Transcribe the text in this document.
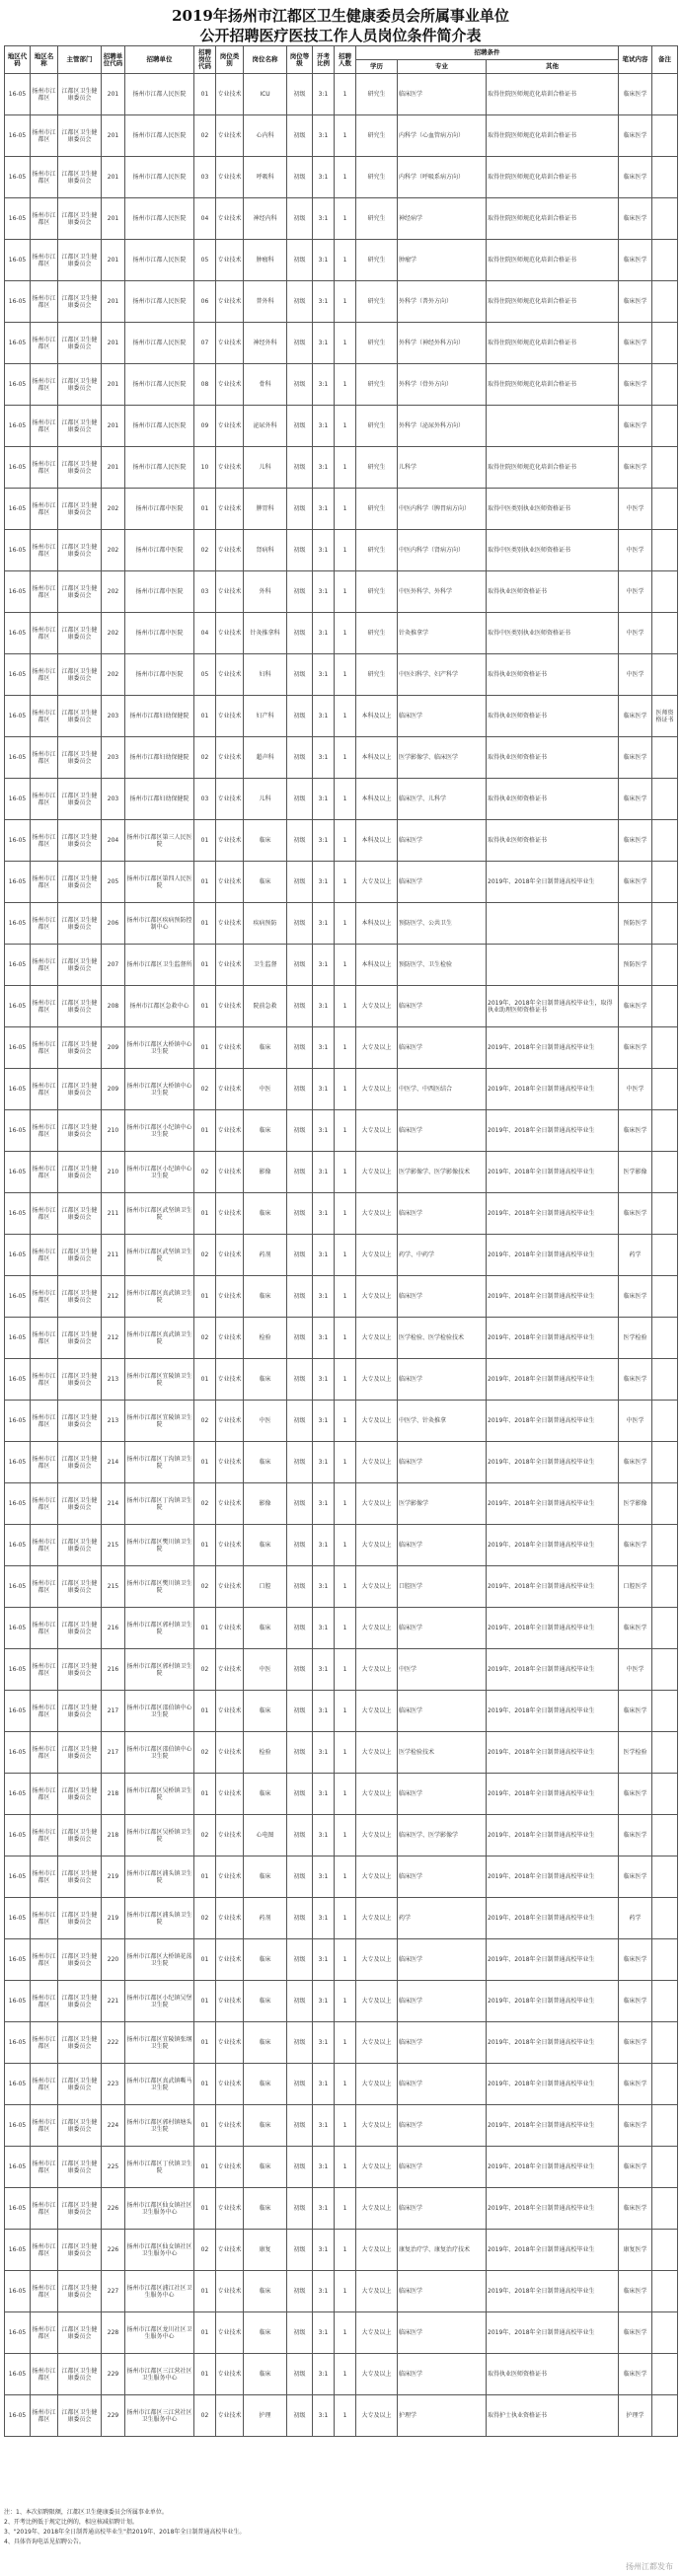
2019年扬州市江都区卫生健康委员会所属事业单位
公开招聘医疗医技工作人员岗位条件简介表
地区代码	地区名称	主管部门	招聘单位代码	招聘单位	招聘岗位代码	岗位类别	岗位名称	岗位等级	开考比例	招聘人数	招聘条件			笔试内容	备注
											学历	专业	其他		
16-05	扬州市江都区	江都区卫生健康委员会	201	扬州市江都人民医院	01	专业技术	ICU	初级	3:1	1	研究生	临床医学	取得住院医师规范化培训合格证书	临床医学	
16-05	扬州市江都区	江都区卫生健康委员会	201	扬州市江都人民医院	02	专业技术	心内科	初级	3:1	1	研究生	内科学（心血管病方向）	取得住院医师规范化培训合格证书	临床医学	
16-05	扬州市江都区	江都区卫生健康委员会	201	扬州市江都人民医院	03	专业技术	呼吸科	初级	3:1	1	研究生	内科学（呼吸系病方向）	取得住院医师规范化培训合格证书	临床医学	
16-05	扬州市江都区	江都区卫生健康委员会	201	扬州市江都人民医院	04	专业技术	神经内科	初级	3:1	1	研究生	神经病学	取得住院医师规范化培训合格证书	临床医学	
16-05	扬州市江都区	江都区卫生健康委员会	201	扬州市江都人民医院	05	专业技术	肿瘤科	初级	3:1	1	研究生	肿瘤学	取得住院医师规范化培训合格证书	临床医学	
16-05	扬州市江都区	江都区卫生健康委员会	201	扬州市江都人民医院	06	专业技术	普外科	初级	3:1	1	研究生	外科学（普外方向）	取得住院医师规范化培训合格证书	临床医学	
16-05	扬州市江都区	江都区卫生健康委员会	201	扬州市江都人民医院	07	专业技术	神经外科	初级	3:1	1	研究生	外科学（神经外科方向）	取得住院医师规范化培训合格证书	临床医学	
16-05	扬州市江都区	江都区卫生健康委员会	201	扬州市江都人民医院	08	专业技术	骨科	初级	3:1	1	研究生	外科学（骨外方向）	取得住院医师规范化培训合格证书	临床医学	
16-05	扬州市江都区	江都区卫生健康委员会	201	扬州市江都人民医院	09	专业技术	泌尿外科	初级	3:1	1	研究生	外科学（泌尿外科方向）		临床医学	
16-05	扬州市江都区	江都区卫生健康委员会	201	扬州市江都人民医院	10	专业技术	儿科	初级	3:1	1	研究生	儿科学	取得住院医师规范化培训合格证书	临床医学	
16-05	扬州市江都区	江都区卫生健康委员会	202	扬州市江都中医院	01	专业技术	脾胃科	初级	3:1	1	研究生	中医内科学（脾胃病方向）	取得中医类别执业医师资格证书	中医学	
16-05	扬州市江都区	江都区卫生健康委员会	202	扬州市江都中医院	02	专业技术	肾病科	初级	3:1	1	研究生	中医内科学（肾病方向）	取得中医类别执业医师资格证书	中医学	
16-05	扬州市江都区	江都区卫生健康委员会	202	扬州市江都中医院	03	专业技术	外科	初级	3:1	1	研究生	中医外科学、外科学	取得执业医师资格证书	中医学	
16-05	扬州市江都区	江都区卫生健康委员会	202	扬州市江都中医院	04	专业技术	针灸推拿科	初级	3:1	1	研究生	针灸推拿学	取得中医类别执业医师资格证书	中医学	
16-05	扬州市江都区	江都区卫生健康委员会	202	扬州市江都中医院	05	专业技术	妇科	初级	3:1	1	研究生	中医妇科学、妇产科学	取得执业医师资格证书	中医学	
16-05	扬州市江都区	江都区卫生健康委员会	203	扬州市江都妇幼保健院	01	专业技术	妇产科	初级	3:1	1	本科及以上	临床医学	取得执业医师资格证书	临床医学	医师资格证书
16-05	扬州市江都区	江都区卫生健康委员会	203	扬州市江都妇幼保健院	02	专业技术	超声科	初级	3:1	1	本科及以上	医学影像学、临床医学	取得执业医师资格证书	临床医学	
16-05	扬州市江都区	江都区卫生健康委员会	203	扬州市江都妇幼保健院	03	专业技术	儿科	初级	3:1	1	本科及以上	临床医学、儿科学	取得执业医师资格证书	临床医学	
16-05	扬州市江都区	江都区卫生健康委员会	204	扬州市江都区第三人民医院	01	专业技术	临床	初级	3:1	1	本科及以上	临床医学	取得执业医师资格证书	临床医学	
16-05	扬州市江都区	江都区卫生健康委员会	205	扬州市江都区第四人民医院	01	专业技术	临床	初级	3:1	1	大专及以上	临床医学	2019年、2018年全日制普通高校毕业生	临床医学	
16-05	扬州市江都区	江都区卫生健康委员会	206	扬州市江都区疾病预防控制中心	01	专业技术	疾病预防	初级	3:1	1	本科及以上	预防医学、公共卫生		预防医学	
16-05	扬州市江都区	江都区卫生健康委员会	207	扬州市江都区卫生监督所	01	专业技术	卫生监督	初级	3:1	1	本科及以上	预防医学、卫生检验		预防医学	
16-05	扬州市江都区	江都区卫生健康委员会	208	扬州市江都区急救中心	01	专业技术	院前急救	初级	3:1	1	大专及以上	临床医学	2019年、2018年全日制普通高校毕业生，取得执业助理医师资格证书	临床医学	
16-05	扬州市江都区	江都区卫生健康委员会	209	扬州市江都区大桥镇中心卫生院	01	专业技术	临床	初级	3:1	1	大专及以上	临床医学	2019年、2018年全日制普通高校毕业生	临床医学	
16-05	扬州市江都区	江都区卫生健康委员会	209	扬州市江都区大桥镇中心卫生院	02	专业技术	中医	初级	3:1	1	大专及以上	中医学、中西医结合	2019年、2018年全日制普通高校毕业生	中医学	
16-05	扬州市江都区	江都区卫生健康委员会	210	扬州市江都区小纪镇中心卫生院	01	专业技术	临床	初级	3:1	1	大专及以上	临床医学	2019年、2018年全日制普通高校毕业生	临床医学	
16-05	扬州市江都区	江都区卫生健康委员会	210	扬州市江都区小纪镇中心卫生院	02	专业技术	影像	初级	3:1	1	大专及以上	医学影像学、医学影像技术	2019年、2018年全日制普通高校毕业生	医学影像	
16-05	扬州市江都区	江都区卫生健康委员会	211	扬州市江都区武坚镇卫生院	01	专业技术	临床	初级	3:1	1	大专及以上	临床医学	2019年、2018年全日制普通高校毕业生	临床医学	
16-05	扬州市江都区	江都区卫生健康委员会	211	扬州市江都区武坚镇卫生院	02	专业技术	药剂	初级	3:1	1	大专及以上	药学、中药学	2019年、2018年全日制普通高校毕业生	药学	
16-05	扬州市江都区	江都区卫生健康委员会	212	扬州市江都区真武镇卫生院	01	专业技术	临床	初级	3:1	1	大专及以上	临床医学	2019年、2018年全日制普通高校毕业生	临床医学	
16-05	扬州市江都区	江都区卫生健康委员会	212	扬州市江都区真武镇卫生院	02	专业技术	检验	初级	3:1	1	大专及以上	医学检验、医学检验技术	2019年、2018年全日制普通高校毕业生	医学检验	
16-05	扬州市江都区	江都区卫生健康委员会	213	扬州市江都区宜陵镇卫生院	01	专业技术	临床	初级	3:1	1	大专及以上	临床医学	2019年、2018年全日制普通高校毕业生	临床医学	
16-05	扬州市江都区	江都区卫生健康委员会	213	扬州市江都区宜陵镇卫生院	02	专业技术	中医	初级	3:1	1	大专及以上	中医学、针灸推拿	2019年、2018年全日制普通高校毕业生	中医学	
16-05	扬州市江都区	江都区卫生健康委员会	214	扬州市江都区丁沟镇卫生院	01	专业技术	临床	初级	3:1	1	大专及以上	临床医学	2019年、2018年全日制普通高校毕业生	临床医学	
16-05	扬州市江都区	江都区卫生健康委员会	214	扬州市江都区丁沟镇卫生院	02	专业技术	影像	初级	3:1	1	大专及以上	医学影像学	2019年、2018年全日制普通高校毕业生	医学影像	
16-05	扬州市江都区	江都区卫生健康委员会	215	扬州市江都区樊川镇卫生院	01	专业技术	临床	初级	3:1	1	大专及以上	临床医学	2019年、2018年全日制普通高校毕业生	临床医学	
16-05	扬州市江都区	江都区卫生健康委员会	215	扬州市江都区樊川镇卫生院	02	专业技术	口腔	初级	3:1	1	大专及以上	口腔医学	2019年、2018年全日制普通高校毕业生	口腔医学	
16-05	扬州市江都区	江都区卫生健康委员会	216	扬州市江都区郭村镇卫生院	01	专业技术	临床	初级	3:1	1	大专及以上	临床医学	2019年、2018年全日制普通高校毕业生	临床医学	
16-05	扬州市江都区	江都区卫生健康委员会	216	扬州市江都区郭村镇卫生院	02	专业技术	中医	初级	3:1	1	大专及以上	中医学	2019年、2018年全日制普通高校毕业生	中医学	
16-05	扬州市江都区	江都区卫生健康委员会	217	扬州市江都区邵伯镇中心卫生院	01	专业技术	临床	初级	3:1	1	大专及以上	临床医学	2019年、2018年全日制普通高校毕业生	临床医学	
16-05	扬州市江都区	江都区卫生健康委员会	217	扬州市江都区邵伯镇中心卫生院	02	专业技术	检验	初级	3:1	1	大专及以上	医学检验技术	2019年、2018年全日制普通高校毕业生	医学检验	
16-05	扬州市江都区	江都区卫生健康委员会	218	扬州市江都区吴桥镇卫生院	01	专业技术	临床	初级	3:1	1	大专及以上	临床医学	2019年、2018年全日制普通高校毕业生	临床医学	
16-05	扬州市江都区	江都区卫生健康委员会	218	扬州市江都区吴桥镇卫生院	02	专业技术	心电图	初级	3:1	1	大专及以上	临床医学、医学影像学	2019年、2018年全日制普通高校毕业生	临床医学	
16-05	扬州市江都区	江都区卫生健康委员会	219	扬州市江都区浦头镇卫生院	01	专业技术	临床	初级	3:1	1	大专及以上	临床医学	2019年、2018年全日制普通高校毕业生	临床医学	
16-05	扬州市江都区	江都区卫生健康委员会	219	扬州市江都区浦头镇卫生院	02	专业技术	药剂	初级	3:1	1	大专及以上	药学	2019年、2018年全日制普通高校毕业生	药学	
16-05	扬州市江都区	江都区卫生健康委员会	220	扬州市江都区大桥镇花荡卫生院	01	专业技术	临床	初级	3:1	1	大专及以上	临床医学	2019年、2018年全日制普通高校毕业生	临床医学	
16-05	扬州市江都区	江都区卫生健康委员会	221	扬州市江都区小纪镇吴堡卫生院	01	专业技术	临床	初级	3:1	1	大专及以上	临床医学	2019年、2018年全日制普通高校毕业生	临床医学	
16-05	扬州市江都区	江都区卫生健康委员会	222	扬州市江都区宜陵镇张纲卫生院	01	专业技术	临床	初级	3:1	1	大专及以上	临床医学	2019年、2018年全日制普通高校毕业生	临床医学	
16-05	扬州市江都区	江都区卫生健康委员会	223	扬州市江都区真武镇嘶马卫生院	01	专业技术	临床	初级	3:1	1	大专及以上	临床医学	2019年、2018年全日制普通高校毕业生	临床医学	
16-05	扬州市江都区	江都区卫生健康委员会	224	扬州市江都区郭村镇塘头卫生院	01	专业技术	临床	初级	3:1	1	大专及以上	临床医学	2019年、2018年全日制普通高校毕业生	临床医学	
16-05	扬州市江都区	江都区卫生健康委员会	225	扬州市江都区丁伙镇卫生院	01	专业技术	临床	初级	3:1	1	大专及以上	临床医学	2019年、2018年全日制普通高校毕业生	临床医学	
16-05	扬州市江都区	江都区卫生健康委员会	226	扬州市江都区仙女镇社区卫生服务中心	01	专业技术	临床	初级	3:1	1	大专及以上	临床医学	2019年、2018年全日制普通高校毕业生	临床医学	
16-05	扬州市江都区	江都区卫生健康委员会	226	扬州市江都区仙女镇社区卫生服务中心	02	专业技术	康复	初级	3:1	1	大专及以上	康复治疗学、康复治疗技术	2019年、2018年全日制普通高校毕业生	康复医学	
16-05	扬州市江都区	江都区卫生健康委员会	227	扬州市江都区浦江社区卫生服务中心	01	专业技术	临床	初级	3:1	1	大专及以上	临床医学	2019年、2018年全日制普通高校毕业生	临床医学	
16-05	扬州市江都区	江都区卫生健康委员会	228	扬州市江都区龙川社区卫生服务中心	01	专业技术	临床	初级	3:1	1	大专及以上	临床医学	2019年、2018年全日制普通高校毕业生	临床医学	
16-05	扬州市江都区	江都区卫生健康委员会	229	扬州市江都区三江营社区卫生服务中心	01	专业技术	临床	初级	3:1	1	大专及以上	临床医学	取得执业医师资格证书	临床医学	
16-05	扬州市江都区	江都区卫生健康委员会	229	扬州市江都区三江营社区卫生服务中心	02	专业技术	护理	初级	3:1	1	大专及以上	护理学	取得护士执业资格证书	护理学	
注：1、本次招聘限额，江都区卫生健康委员会所属事业单位。
2、开考比例低于规定比例的，相应核减招聘计划。
3、"2019年、2018年全日制普通高校毕业生"指2019年、2018年全日制普通高校毕业生。
4、具体咨询电话见招聘公告。
扬州江都发布
